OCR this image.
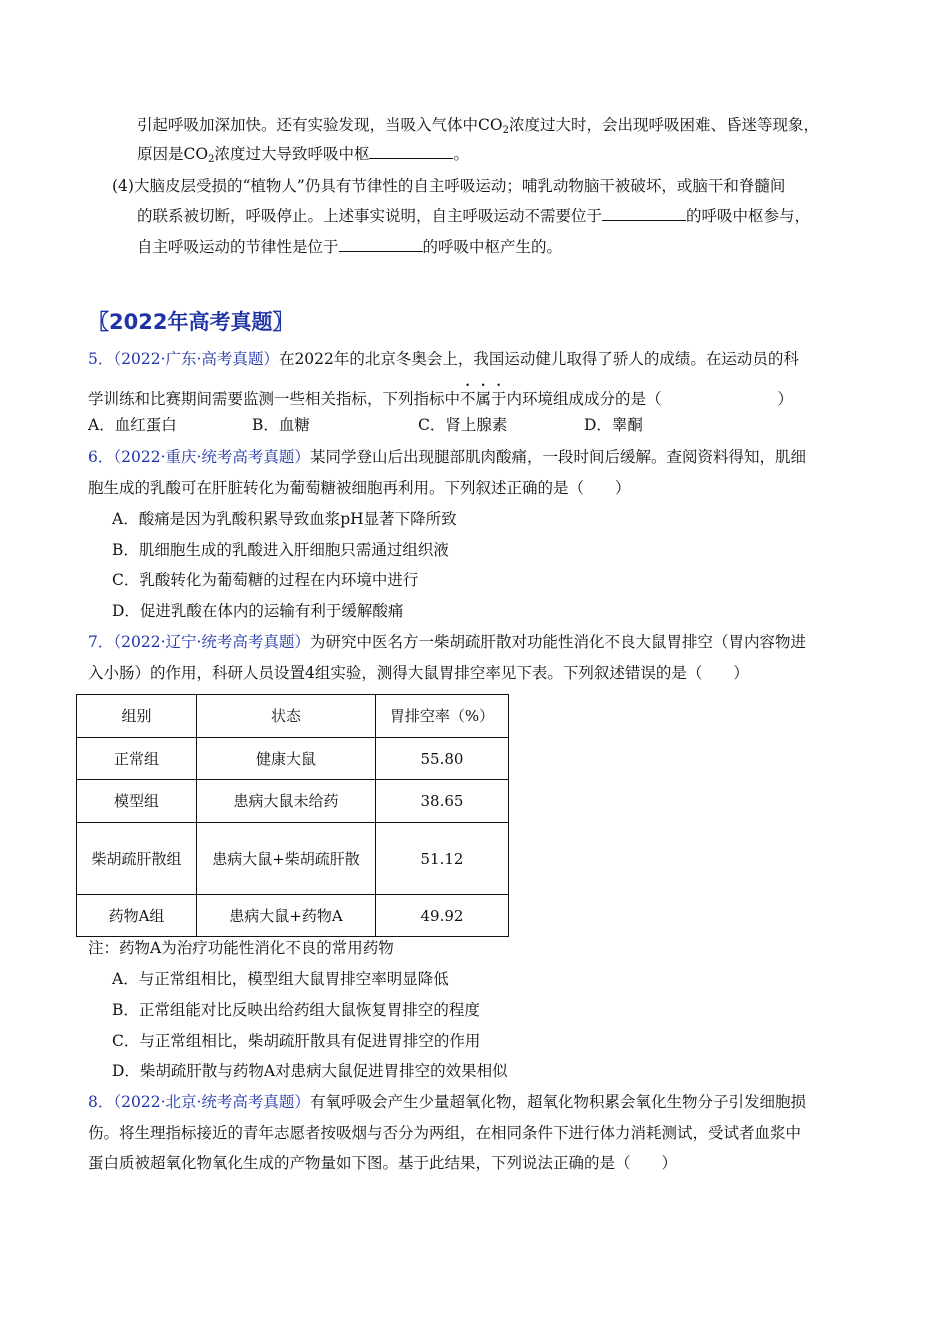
引起呼吸加深加快。还有实验发现，当吸入气体中$CO_2$浓度过大时，会出现呼吸困难、昏迷等现象，
原因是$CO_2$浓度过大导致呼吸中枢	。
(4)大脑皮层受损的“植物人”仍具有节律性的自主呼吸运动；哺乳动物脑干被破坏，或脑干和脊髓间
的联系被切断，呼吸停止。上述事实说明，自主呼吸运动不需要位于	的呼吸中枢参与，
自主呼吸运动的节律性是位于	的呼吸中枢产生的。
〖2022年高考真题〗
5．（2022·广东·高考真题）在2022年的北京冬奥会上，我国运动健儿取得了骄人的成绩。在运动员的科
学训练和比赛期间需要监测一些相关指标，下列指标中不属于内环境组成成分的是（	）
A．血红蛋白	B．血糖	C．肾上腺素	D．睾酮
6．（2022·重庆·统考高考真题）某同学登山后出现腿部肌肉酸痛，一段时间后缓解。查阅资料得知，肌细
胞生成的乳酸可在肝脏转化为葡萄糖被细胞再利用。下列叙述正确的是（　　）
A．酸痛是因为乳酸积累导致血浆pH显著下降所致
B．肌细胞生成的乳酸进入肝细胞只需通过组织液
C．乳酸转化为葡萄糖的过程在内环境中进行
D．促进乳酸在体内的运输有利于缓解酸痛
7．（2022·辽宁·统考高考真题）为研究中医名方一柴胡疏肝散对功能性消化不良大鼠胃排空（胃内容物进
入小肠）的作用，科研人员设置4组实验，测得大鼠胃排空率见下表。下列叙述错误的是（　　）
组别	状态	胃排空率（%）
正常组	健康大鼠	55.80
模型组	患病大鼠未给药	38.65
柴胡疏肝散组	患病大鼠+柴胡疏肝散	51.12
药物A组	患病大鼠+药物A	49.92
注：药物A为治疗功能性消化不良的常用药物
A．与正常组相比，模型组大鼠胃排空率明显降低
B．正常组能对比反映出给药组大鼠恢复胃排空的程度
C．与正常组相比，柴胡疏肝散具有促进胃排空的作用
D．柴胡疏肝散与药物A对患病大鼠促进胃排空的效果相似
8．（2022·北京·统考高考真题）有氧呼吸会产生少量超氧化物，超氧化物积累会氧化生物分子引发细胞损
伤。将生理指标接近的青年志愿者按吸烟与否分为两组，在相同条件下进行体力消耗测试，受试者血浆中
蛋白质被超氧化物氧化生成的产物量如下图。基于此结果，下列说法正确的是（　　）
